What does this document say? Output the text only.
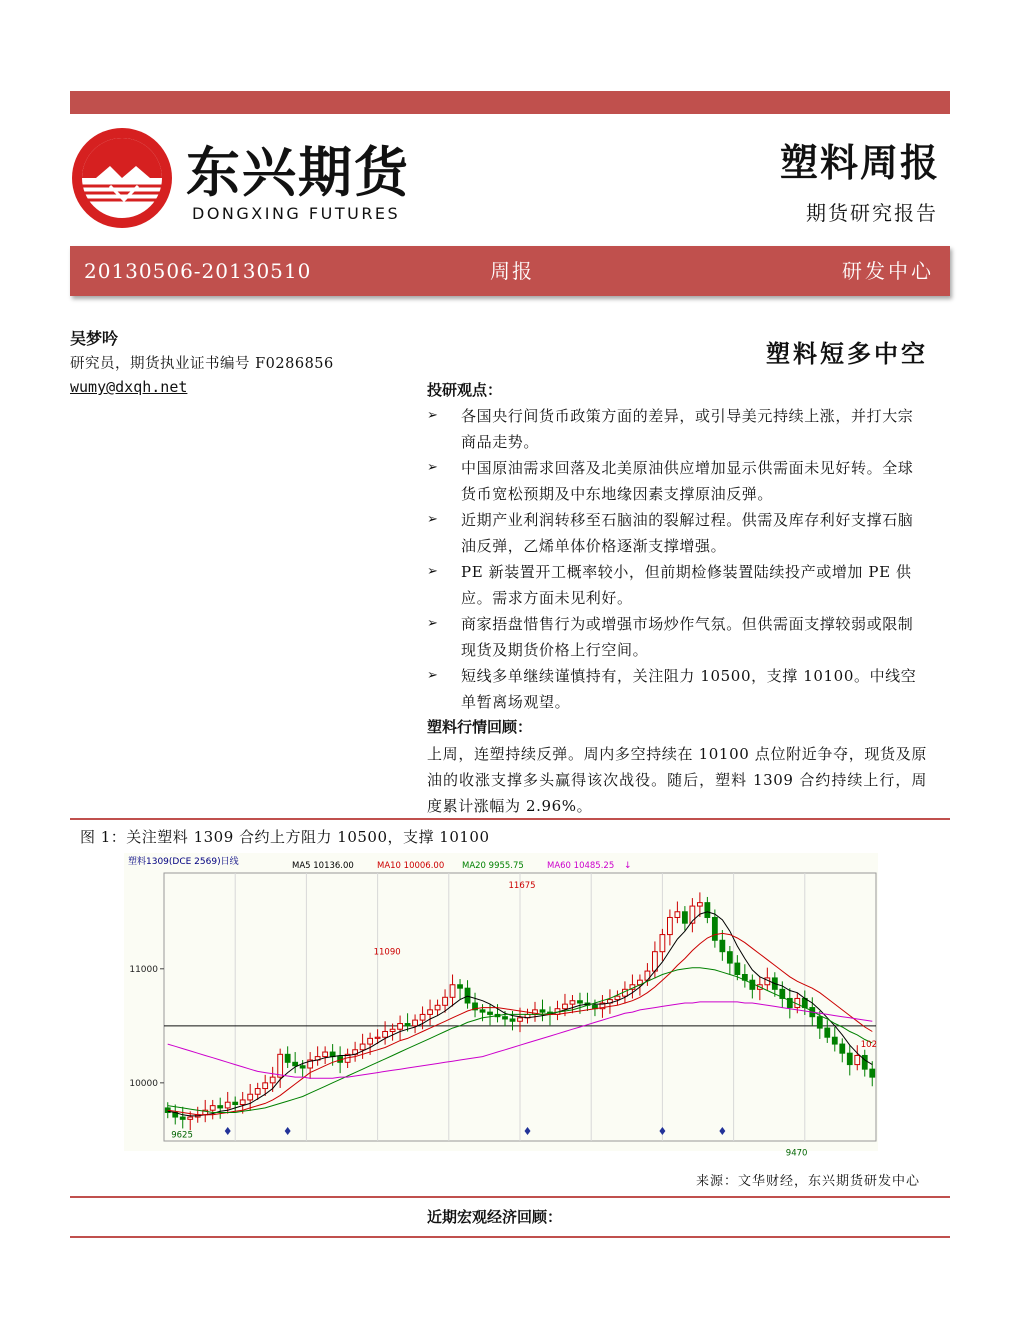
东兴期货
DONGXING FUTURES
塑料周报
期货研究报告
20130506-20130510	周报	研发中心
吴梦吟
研究员，期货执业证书编号 F0286856
wumy@dxqh.net
塑料短多中空
投研观点：
➢ 各国央行间货币政策方面的差异，或引导美元持续上涨，并打大宗商品走势。
➢ 中国原油需求回落及北美原油供应增加显示供需面未见好转。全球货币宽松预期及中东地缘因素支撑原油反弹。
➢ 近期产业利润转移至石脑油的裂解过程。供需及库存利好支撑石脑油反弹，乙烯单体价格逐渐支撑增强。
➢ PE 新装置开工概率较小，但前期检修装置陆续投产或增加 PE 供应。需求方面未见利好。
➢ 商家捂盘惜售行为或增强市场炒作气氛。但供需面支撑较弱或限制现货及期货价格上行空间。
➢ 短线多单继续谨慎持有，关注阻力 10500，支撑 10100。中线空单暂离场观望。
塑料行情回顾：

上周，连塑持续反弹。周内多空持续在 10100 点位附近争夺，现货及原油的收涨支撑多头赢得该次战役。随后，塑料 1309 合约持续上行，周度累计涨幅为 2.96%。

图 1：关注塑料 1309 合约上方阻力 10500，支撑 10100
10000
11000
塑料1309(DCE 2569)日线	MA5 10136.00	MA10 10006.00 MA20 9955.75	MA60 10485.25 ↓
11675
11090
9625
9470
102
来源：文华财经，东兴期货研发中心
近期宏观经济回顾：
